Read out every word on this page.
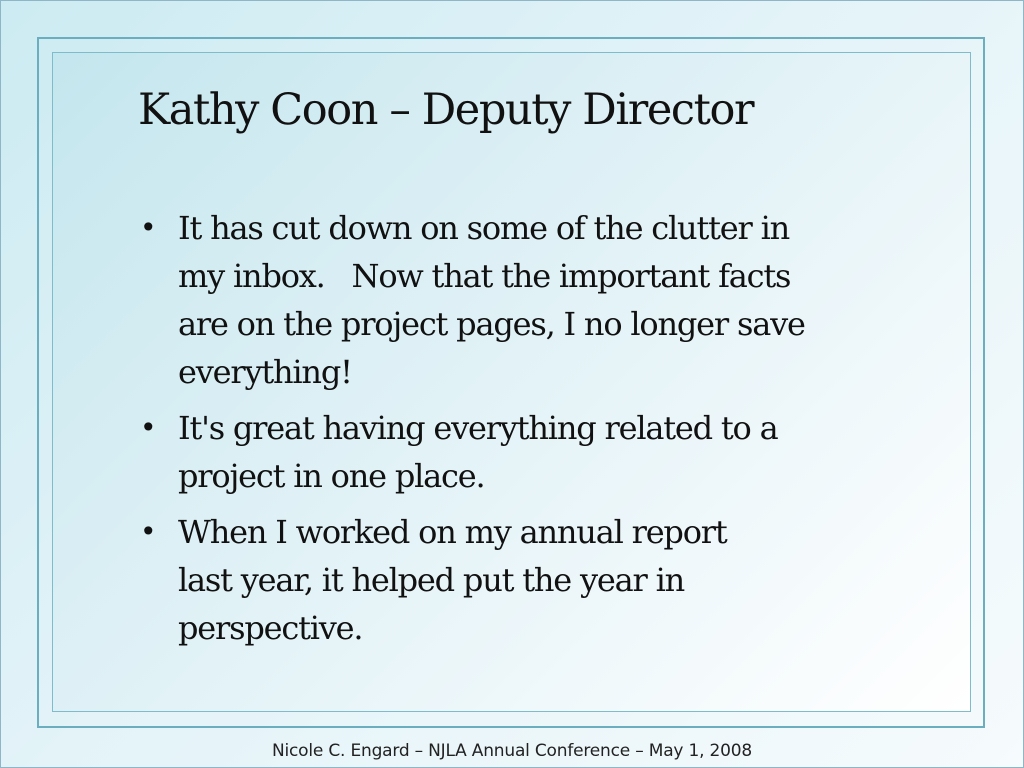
Kathy Coon – Deputy Director
• It has cut down on some of the clutter in
my inbox.   Now that the important facts
are on the project pages, I no longer save
everything!
• It's great having everything related to a
project in one place.
• When I worked on my annual report
last year, it helped put the year in
perspective.
Nicole C. Engard – NJLA Annual Conference – May 1, 2008
